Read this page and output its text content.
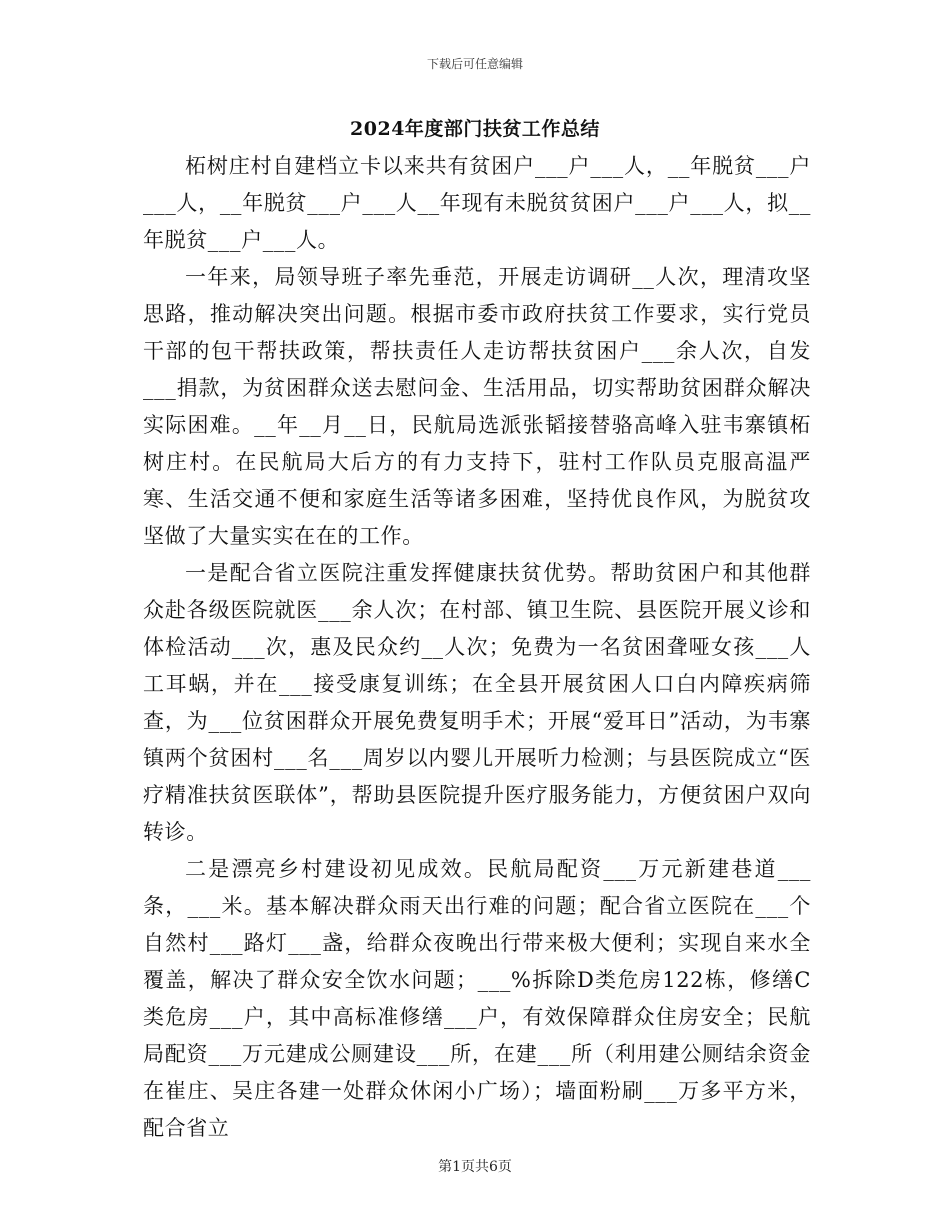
下载后可任意编辑
2024年度部门扶贫工作总结

柘树庄村自建档立卡以来共有贫困户___户___人，__年脱贫___户___人，__年脱贫___户___人__年现有未脱贫贫困户___户___人，拟__年脱贫___户___人。

一年来，局领导班子率先垂范，开展走访调研__人次，理清攻坚思路，推动解决突出问题。根据市委市政府扶贫工作要求，实行党员干部的包干帮扶政策，帮扶责任人走访帮扶贫困户___余人次，自发___捐款，为贫困群众送去慰问金、生活用品，切实帮助贫困群众解决实际困难。__年__月__日，民航局选派张韬接替骆高峰入驻韦寨镇柘树庄村。在民航局大后方的有力支持下，驻村工作队员克服高温严寒、生活交通不便和家庭生活等诸多困难，坚持优良作风，为脱贫攻坚做了大量实实在在的工作。

一是配合省立医院注重发挥健康扶贫优势。帮助贫困户和其他群众赴各级医院就医___余人次；在村部、镇卫生院、县医院开展义诊和体检活动___次，惠及民众约__人次；免费为一名贫困聋哑女孩___人工耳蜗，并在___接受康复训练；在全县开展贫困人口白内障疾病筛查，为___位贫困群众开展免费复明手术；开展“爱耳日”活动，为韦寨镇两个贫困村___名___周岁以内婴儿开展听力检测；与县医院成立“医疗精准扶贫医联体”，帮助县医院提升医疗服务能力，方便贫困户双向转诊。

二是漂亮乡村建设初见成效。民航局配资___万元新建巷道___条，___米。基本解决群众雨天出行难的问题；配合省立医院在___个自然村___路灯___盏，给群众夜晚出行带来极大便利；实现自来水全覆盖，解决了群众安全饮水问题；___%拆除D类危房122栋，修缮C类危房___户，其中高标准修缮___户，有效保障群众住房安全；民航局配资___万元建成公厕建设___所，在建___所（利用建公厕结余资金在崔庄、吴庄各建一处群众休闲小广场）；墙面粉刷___万多平方米，配合省立

第1页共6页
